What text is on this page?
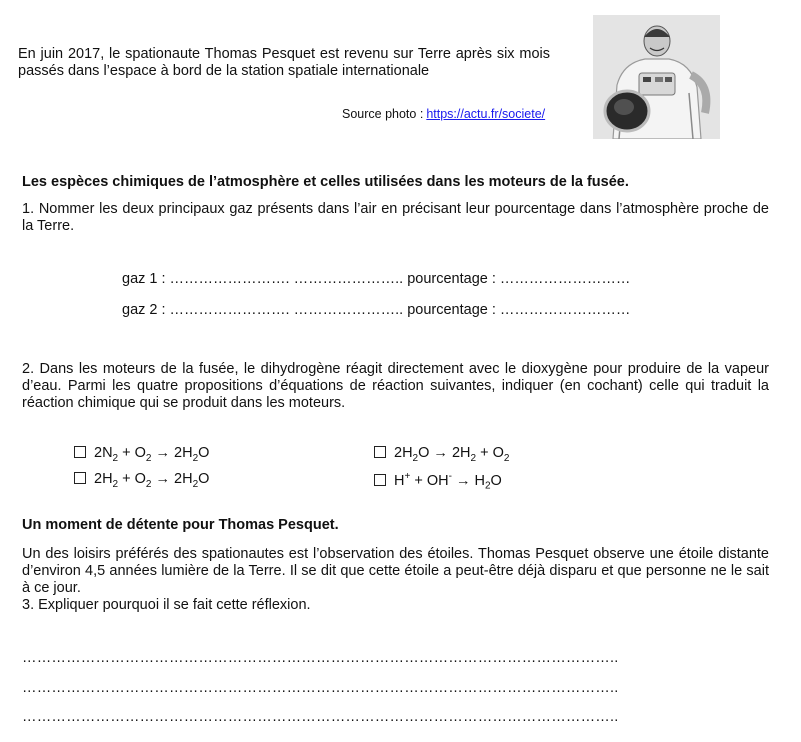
En juin 2017, le spationaute Thomas Pesquet est revenu sur Terre après six mois passés dans l’espace à bord de la station spatiale internationale
Source photo : https://actu.fr/societe/
Les espèces chimiques de l’atmosphère et celles utilisées dans les moteurs de la fusée.
1. Nommer les deux principaux gaz présents dans l’air en précisant leur pourcentage dans l’atmosphère proche de la Terre.
gaz 1 : ……………………. ………………….. pourcentage : ………………………
gaz 2 : ……………………. ………………….. pourcentage : ………………………
2. Dans les moteurs de la fusée, le dihydrogène réagit directement avec le dioxygène pour produire de la vapeur d’eau. Parmi les quatre propositions d’équations de réaction suivantes, indiquer (en cochant) celle qui traduit la réaction chimique qui se produit dans les moteurs.
$2N_2 + O_2 \to 2H_2O$	$2H_2O \to 2H_2 + O_2$
$2H_2 + O_2 \to 2H_2O$	$H^+ + OH^- \to H_2O$
Un moment de détente pour Thomas Pesquet.
Un des loisirs préférés des spationautes est l’observation des étoiles. Thomas Pesquet observe une étoile distante d’environ 4,5 années lumière de la Terre. Il se dit que cette étoile a peut-être déjà disparu et que personne ne le sait à ce jour.
3. Expliquer pourquoi il se fait cette réflexion.
…………………………………………………………………………………………………………..
…………………………………………………………………………………………………………..
…………………………………………………………………………………………………………..
